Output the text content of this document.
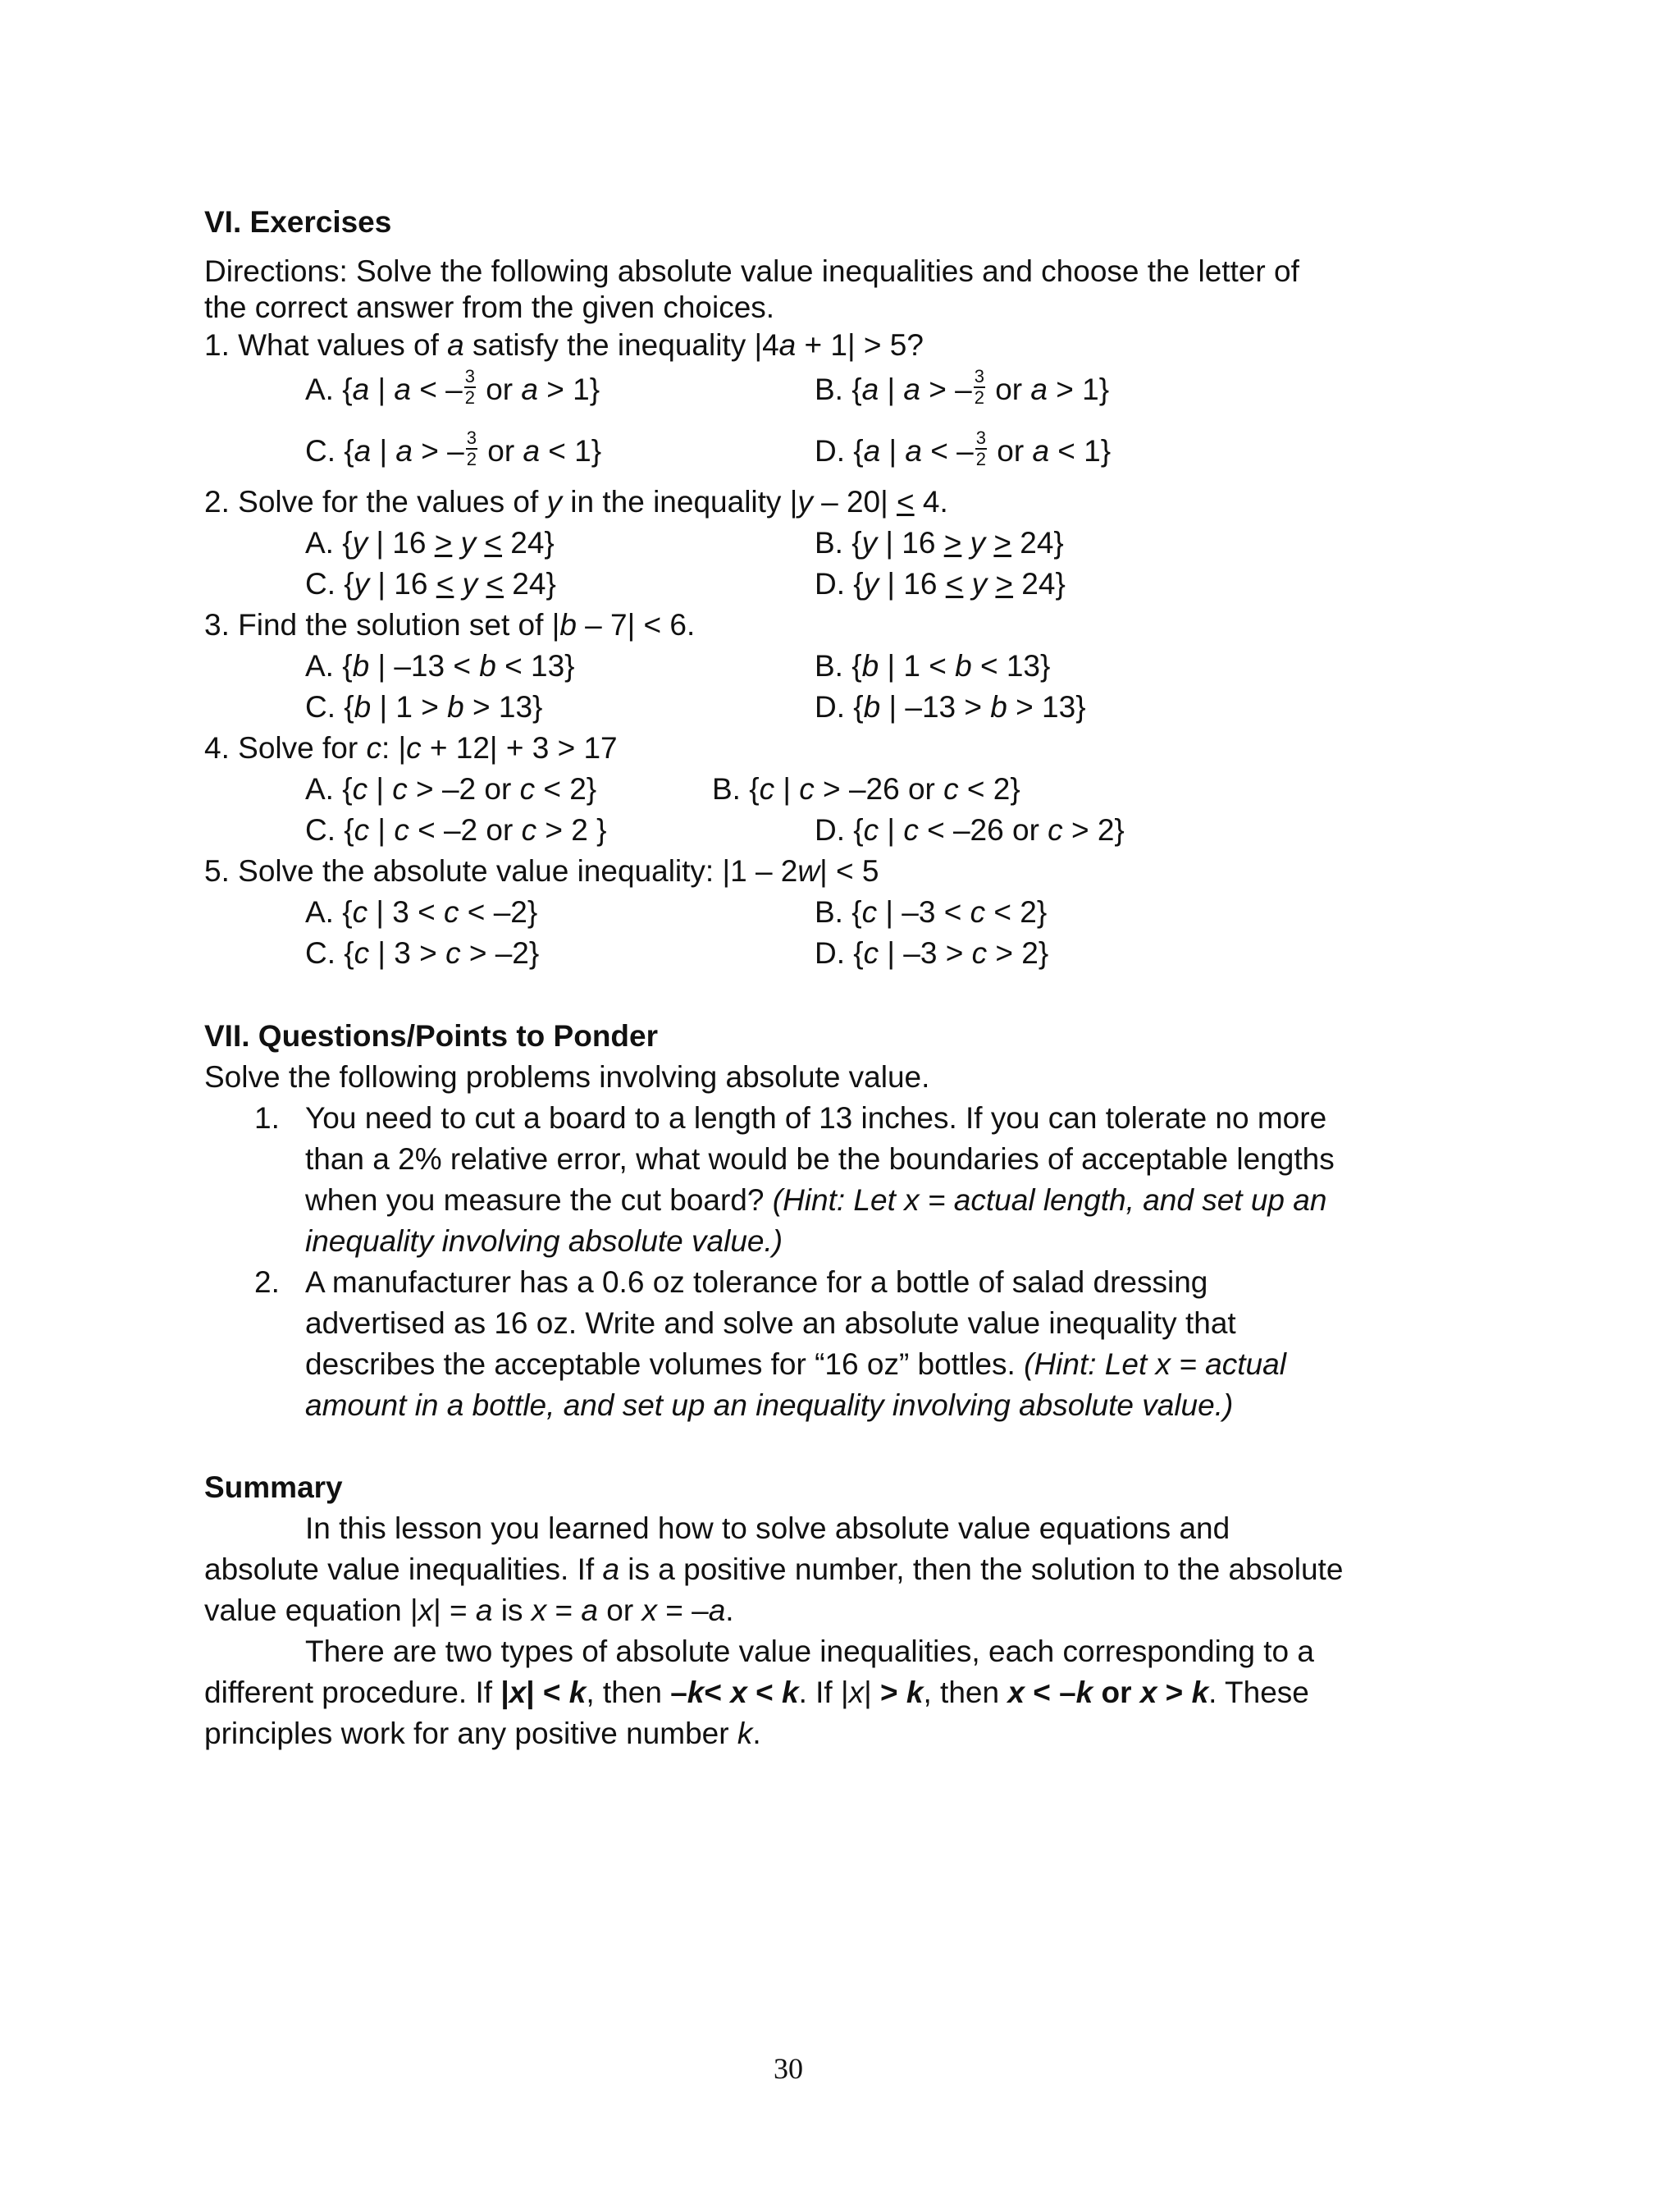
VI. Exercises
Directions: Solve the following absolute value inequalities and choose the letter of
the correct answer from the given choices.
1. What values of a satisfy the inequality |4a + 1| > 5?
A. {a | a < – $\frac{3}{2}$ or a > 1}	B. {a | a > – $\frac{3}{2}$ or a > 1}
C. {a | a > – $\frac{3}{2}$ or a < 1}	D. {a | a < – $\frac{3}{2}$ or a < 1}
2. Solve for the values of y in the inequality |y – 20| < 4.
A. {y | 16 > y < 24}	B. {y | 16 > y > 24}
C. {y | 16 < y < 24}	D. {y | 16 < y > 24}
3. Find the solution set of |b – 7| < 6.
A. {b | –13 < b < 13}	B. {b | 1 < b < 13}
C. {b | 1 > b > 13}	D. {b | –13 > b > 13}
4. Solve for c: |c + 12| + 3 > 17
A. {c | c > –2 or c < 2}	B. {c | c > –26 or c < 2}
C. {c | c < –2 or c > 2 }	D. {c | c < –26 or c > 2}
5. Solve the absolute value inequality: |1 – 2w| < 5
A. {c | 3 < c < –2}	B. {c | –3 < c < 2}
C. {c | 3 > c > –2}	D. {c | –3 > c > 2}
VII. Questions/Points to Ponder
Solve the following problems involving absolute value.
1. You need to cut a board to a length of 13 inches. If you can tolerate no more
than a 2% relative error, what would be the boundaries of acceptable lengths
when you measure the cut board? (Hint: Let x = actual length, and set up an
inequality involving absolute value.)
2. A manufacturer has a 0.6 oz tolerance for a bottle of salad dressing
advertised as 16 oz. Write and solve an absolute value inequality that
describes the acceptable volumes for “16 oz” bottles. (Hint: Let x = actual
amount in a bottle, and set up an inequality involving absolute value.)
Summary
In this lesson you learned how to solve absolute value equations and
absolute value inequalities. If a is a positive number, then the solution to the absolute
value equation |x| = a is x = a or x = –a.
There are two types of absolute value inequalities, each corresponding to a
different procedure. If |x| < k, then –k< x < k. If |x| > k, then x < –k or x > k. These
principles work for any positive number k.
30
